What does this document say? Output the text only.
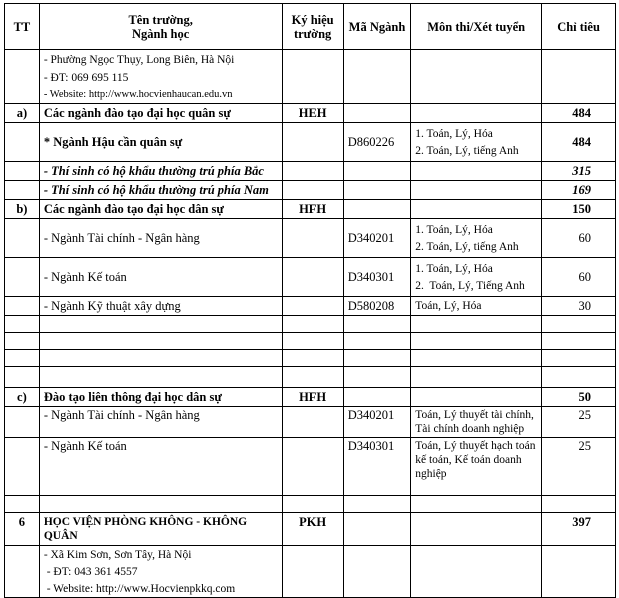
TT	Tên trường,
Ngành học	Ký hiệu trường	Mã Ngành	Môn thi/Xét tuyển	Chỉ tiêu

	- Phường Ngọc Thụy, Long Biên, Hà Nội
- ĐT: 069 695 115
- Website: http://www.hocvienhaucan.edu.vn				

a)	Các ngành đào tạo đại học quân sự	HEH			484
	* Ngành Hậu cần quân sự		D860226	1. Toán, Lý, Hóa
2. Toán, Lý, tiếng Anh	484
	- Thí sinh có hộ khẩu thường trú phía Bắc				315
	- Thí sinh có hộ khẩu thường trú phía Nam				169
b)	Các ngành đào tạo đại học dân sự	HFH			150
	- Ngành Tài chính - Ngân hàng		D340201	1. Toán, Lý, Hóa
2. Toán, Lý, tiếng Anh	60
	- Ngành Kế toán		D340301	1. Toán, Lý, Hóa
2.  Toán, Lý, Tiếng Anh	60
	- Ngành Kỹ thuật xây dựng		D580208	Toán, Lý, Hóa	30

c)	Đào tạo liên thông đại học dân sự	HFH			50
	- Ngành Tài chính - Ngân hàng		D340201	Toán, Lý thuyết tài chính, Tài chính doanh nghiệp	25
	- Ngành Kế toán		D340301	Toán, Lý thuyết hạch toán kế toán, Kế toán doanh nghiệp	25

6	HỌC VIỆN PHÒNG KHÔNG - KHÔNG QUÂN	PKH			397

	- Xã Kim Sơn, Sơn Tây, Hà Nội
- ĐT: 043 361 4557
- Website: http://www.Hocvienpkkq.com				
